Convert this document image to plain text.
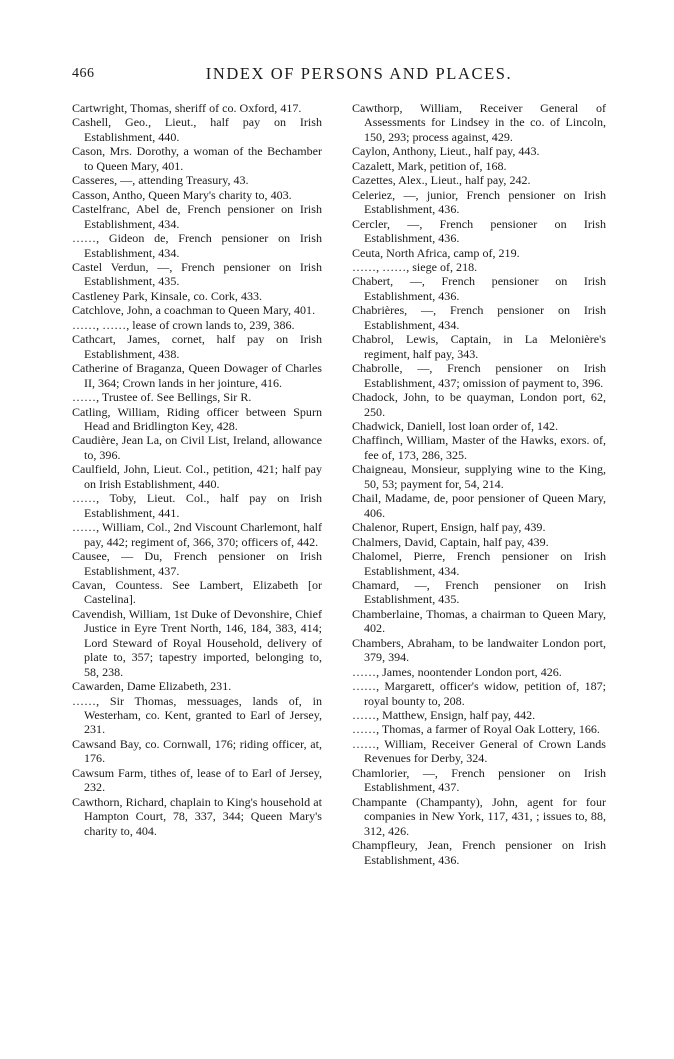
466	INDEX OF PERSONS AND PLACES.

Cartwright, Thomas, sheriff of co. Oxford, 417.

Cashell, Geo., Lieut., half pay on Irish Establishment, 440.

Cason, Mrs. Dorothy, a woman of the Bechamber to Queen Mary, 401.

Casseres, —, attending Treasury, 43.

Casson, Antho, Queen Mary's charity to, 403.

Castelfranc, Abel de, French pensioner on Irish Establishment, 434.

……, Gideon de, French pensioner on Irish Establishment, 434.

Castel Verdun, —, French pensioner on Irish Establishment, 435.

Castleney Park, Kinsale, co. Cork, 433.

Catchlove, John, a coachman to Queen Mary, 401.

……, ……, lease of crown lands to, 239, 386.

Cathcart, James, cornet, half pay on Irish Establishment, 438.

Catherine of Braganza, Queen Dowager of Charles II, 364; Crown lands in her jointure, 416.

……, Trustee of. See Bellings, Sir R.

Catling, William, Riding officer between Spurn Head and Bridlington Key, 428.

Caudière, Jean La, on Civil List, Ireland, allowance to, 396.

Caulfield, John, Lieut. Col., petition, 421; half pay on Irish Establishment, 440.

……, Toby, Lieut. Col., half pay on Irish Establishment, 441.

……, William, Col., 2nd Viscount Charlemont, half pay, 442; regiment of, 366, 370; officers of, 442.

Causee, — Du, French pensioner on Irish Establishment, 437.

Cavan, Countess. See Lambert, Elizabeth [or Castelina].

Cavendish, William, 1st Duke of Devonshire, Chief Justice in Eyre Trent North, 146, 184, 383, 414; Lord Steward of Royal Household, delivery of plate to, 357; tapestry imported, belonging to, 58, 238.

Cawarden, Dame Elizabeth, 231.

……, Sir Thomas, messuages, lands of, in Westerham, co. Kent, granted to Earl of Jersey, 231.

Cawsand Bay, co. Cornwall, 176; riding officer, at, 176.

Cawsum Farm, tithes of, lease of to Earl of Jersey, 232.

Cawthorn, Richard, chaplain to King's household at Hampton Court, 78, 337, 344; Queen Mary's charity to, 404.

Cawthorp, William, Receiver General of Assessments for Lindsey in the co. of Lincoln, 150, 293; process against, 429.

Caylon, Anthony, Lieut., half pay, 443.

Cazalett, Mark, petition of, 168.

Cazettes, Alex., Lieut., half pay, 242.

Celeriez, —, junior, French pensioner on Irish Establishment, 436.

Cercler, —, French pensioner on Irish Establishment, 436.

Ceuta, North Africa, camp of, 219.

……, ……, siege of, 218.

Chabert, —, French pensioner on Irish Establishment, 436.

Chabrières, —, French pensioner on Irish Establishment, 434.

Chabrol, Lewis, Captain, in La Melonière's regiment, half pay, 343.

Chabrolle, —, French pensioner on Irish Establishment, 437; omission of payment to, 396.

Chadock, John, to be quayman, London port, 62, 250.

Chadwick, Daniell, lost loan order of, 142.

Chaffinch, William, Master of the Hawks, exors. of, fee of, 173, 286, 325.

Chaigneau, Monsieur, supplying wine to the King, 50, 53; payment for, 54, 214.

Chail, Madame, de, poor pensioner of Queen Mary, 406.

Chalenor, Rupert, Ensign, half pay, 439.

Chalmers, David, Captain, half pay, 439.

Chalomel, Pierre, French pensioner on Irish Establishment, 434.

Chamard, —, French pensioner on Irish Establishment, 435.

Chamberlaine, Thomas, a chairman to Queen Mary, 402.

Chambers, Abraham, to be landwaiter London port, 379, 394.

……, James, noontender London port, 426.

……, Margarett, officer's widow, petition of, 187; royal bounty to, 208.

……, Matthew, Ensign, half pay, 442.

……, Thomas, a farmer of Royal Oak Lottery, 166.

……, William, Receiver General of Crown Lands Revenues for Derby, 324.

Chamlorier, —, French pensioner on Irish Establishment, 437.

Champante (Champanty), John, agent for four companies in New York, 117, 431, ; issues to, 88, 312, 426.

Champfleury, Jean, French pensioner on Irish Establishment, 436.
